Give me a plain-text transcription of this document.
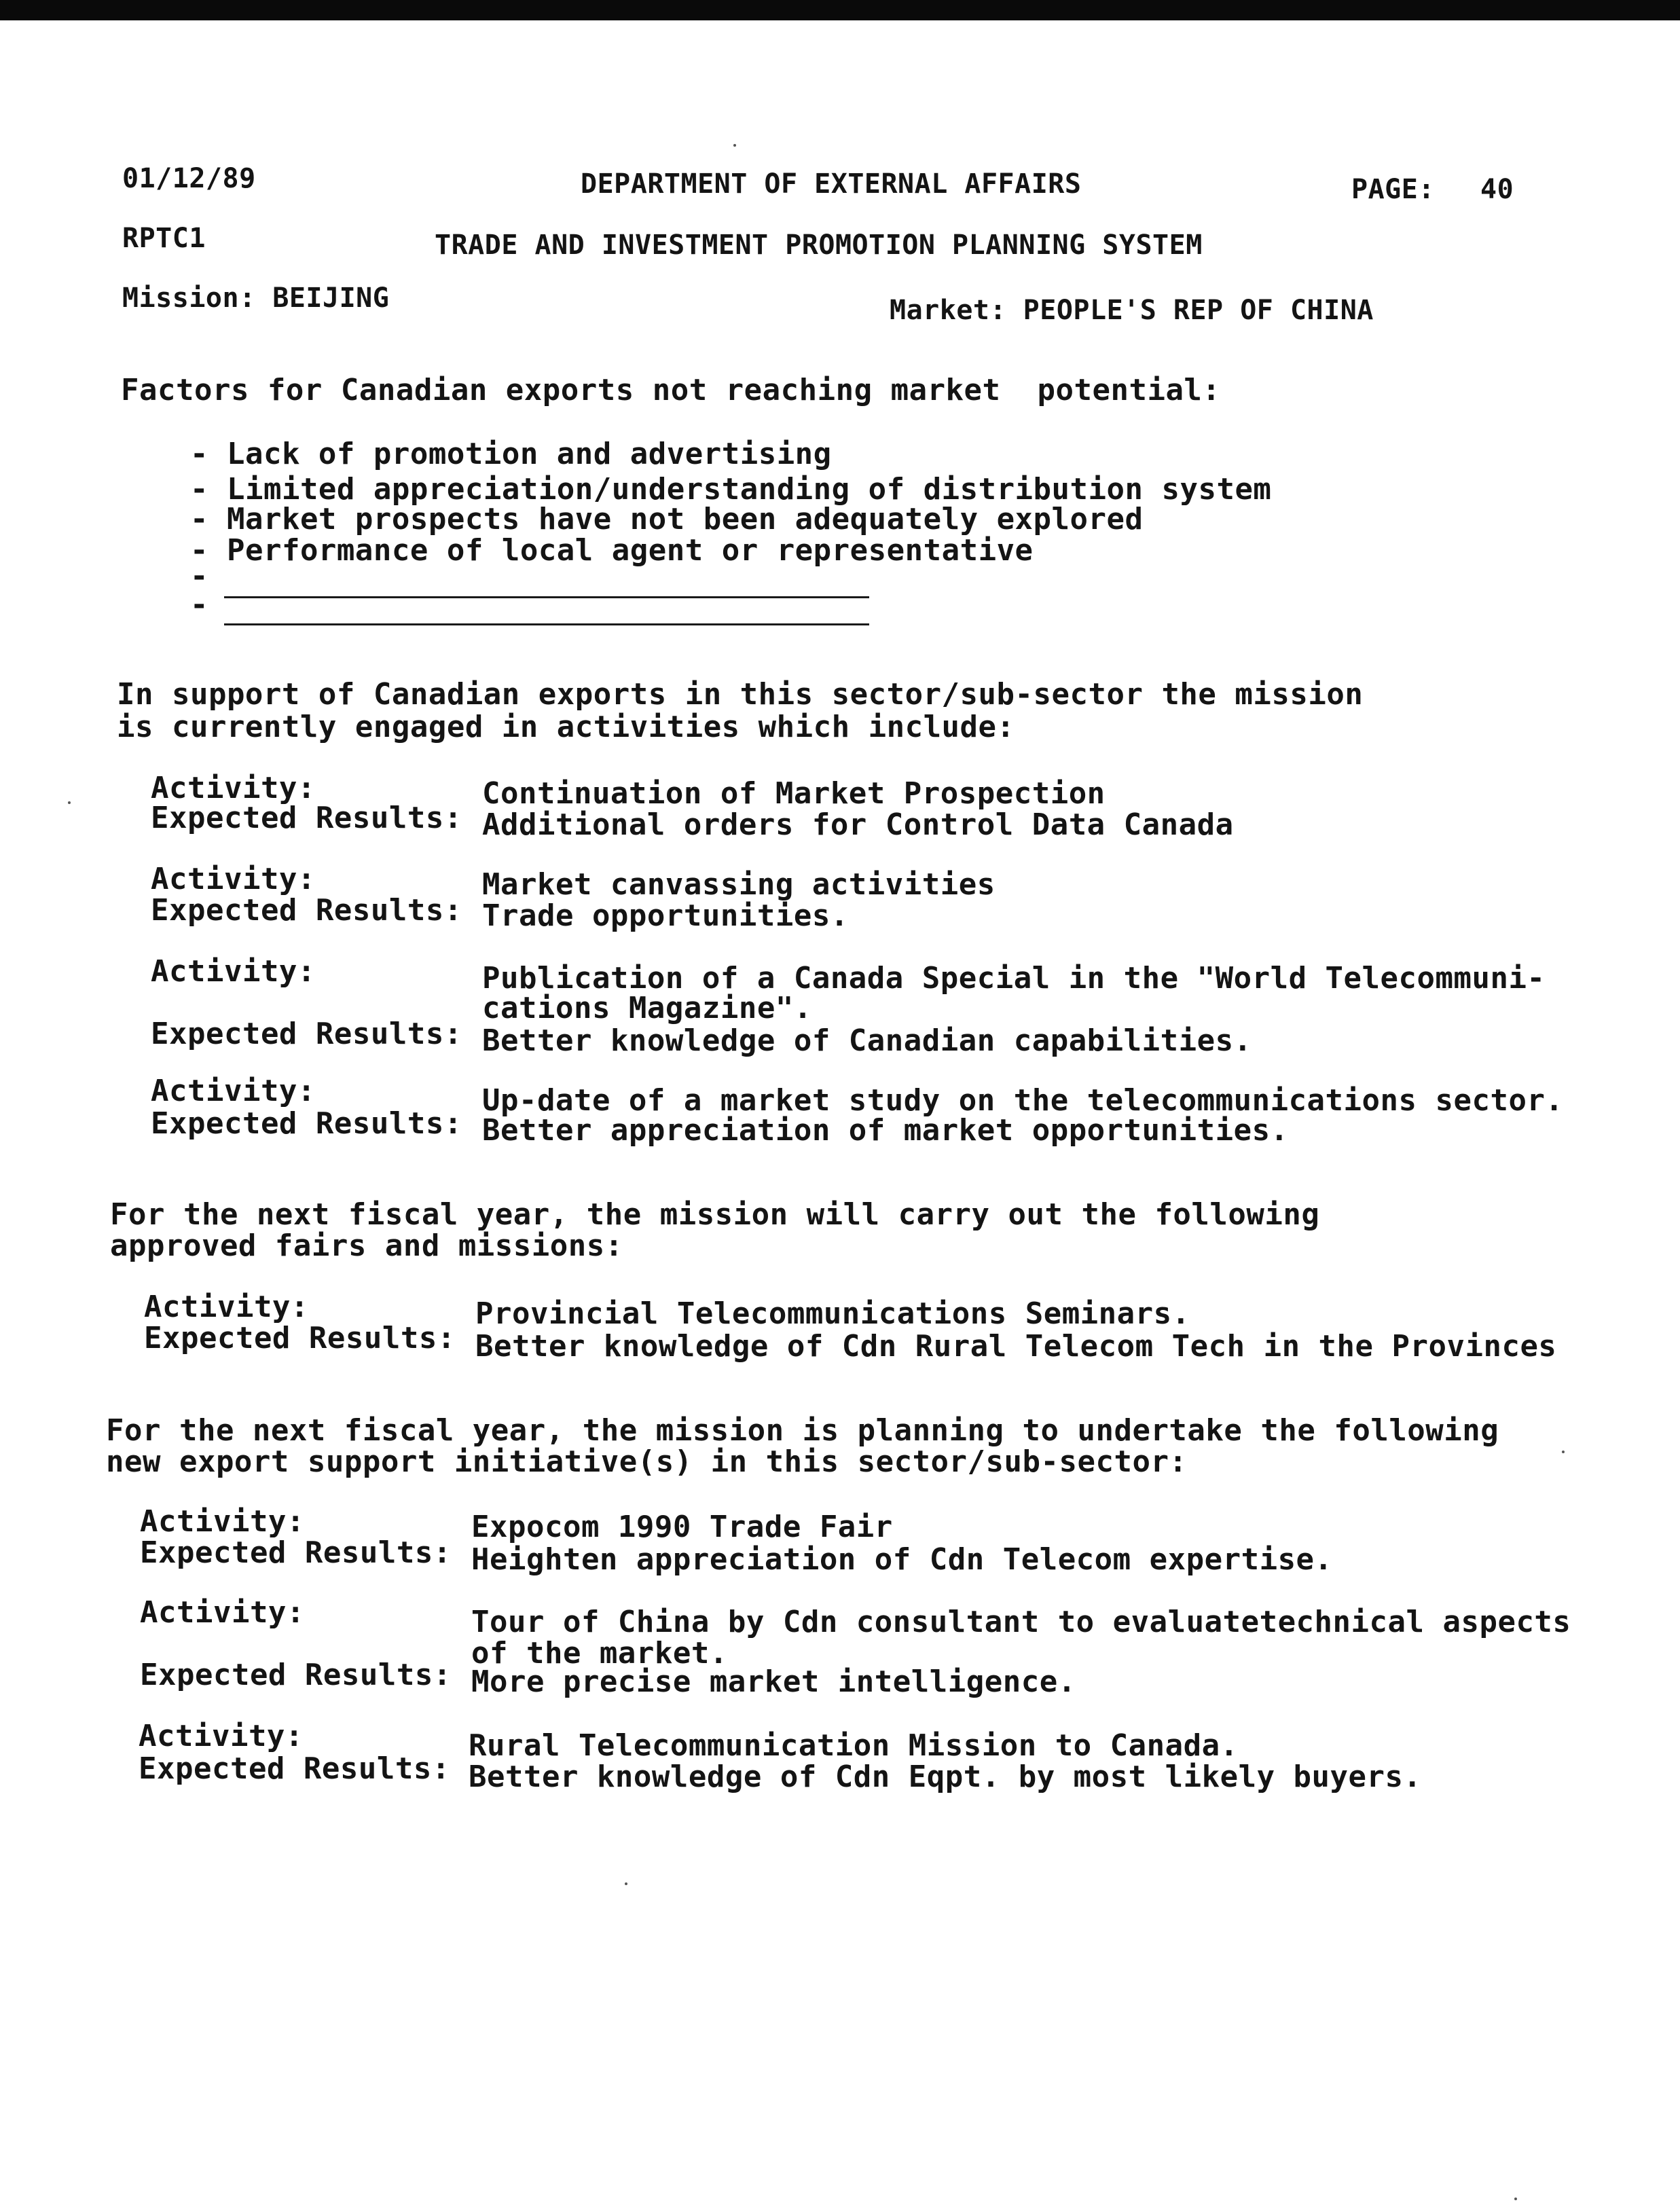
01/12/89	DEPARTMENT OF EXTERNAL AFFAIRS	PAGE: 40
RPTC1	TRADE AND INVESTMENT PROMOTION PLANNING SYSTEM
Mission: BEIJING	Market: PEOPLE'S REP OF CHINA
Factors for Canadian exports not reaching market  potential:
- Lack of promotion and advertising
- Limited appreciation/understanding of distribution system
- Market prospects have not been adequately explored
- Performance of local agent or representative
-
-
In support of Canadian exports in this sector/sub-sector the mission
is currently engaged in activities which include:
Activity:	Continuation of Market Prospection
Expected Results: Additional orders for Control Data Canada
Activity:	Market canvassing activities
Expected Results: Trade opportunities.
Activity:	Publication of a Canada Special in the "World Telecommuni-
cations Magazine".
Expected Results: Better knowledge of Canadian capabilities.
Activity:	Up-date of a market study on the telecommunications sector.
Expected Results: Better appreciation of market opportunities.
For the next fiscal year, the mission will carry out the following
approved fairs and missions:
Activity:	Provincial Telecommunications Seminars.
Expected Results: Better knowledge of Cdn Rural Telecom Tech in the Provinces
For the next fiscal year, the mission is planning to undertake the following
new export support initiative(s) in this sector/sub-sector:
Activity:	Expocom 1990 Trade Fair
Expected Results: Heighten appreciation of Cdn Telecom expertise.
Activity:	Tour of China by Cdn consultant to evaluatetechnical aspects
of the market.
Expected Results: More precise market intelligence.
Activity:	Rural Telecommunication Mission to Canada.
Expected Results: Better knowledge of Cdn Eqpt. by most likely buyers.
